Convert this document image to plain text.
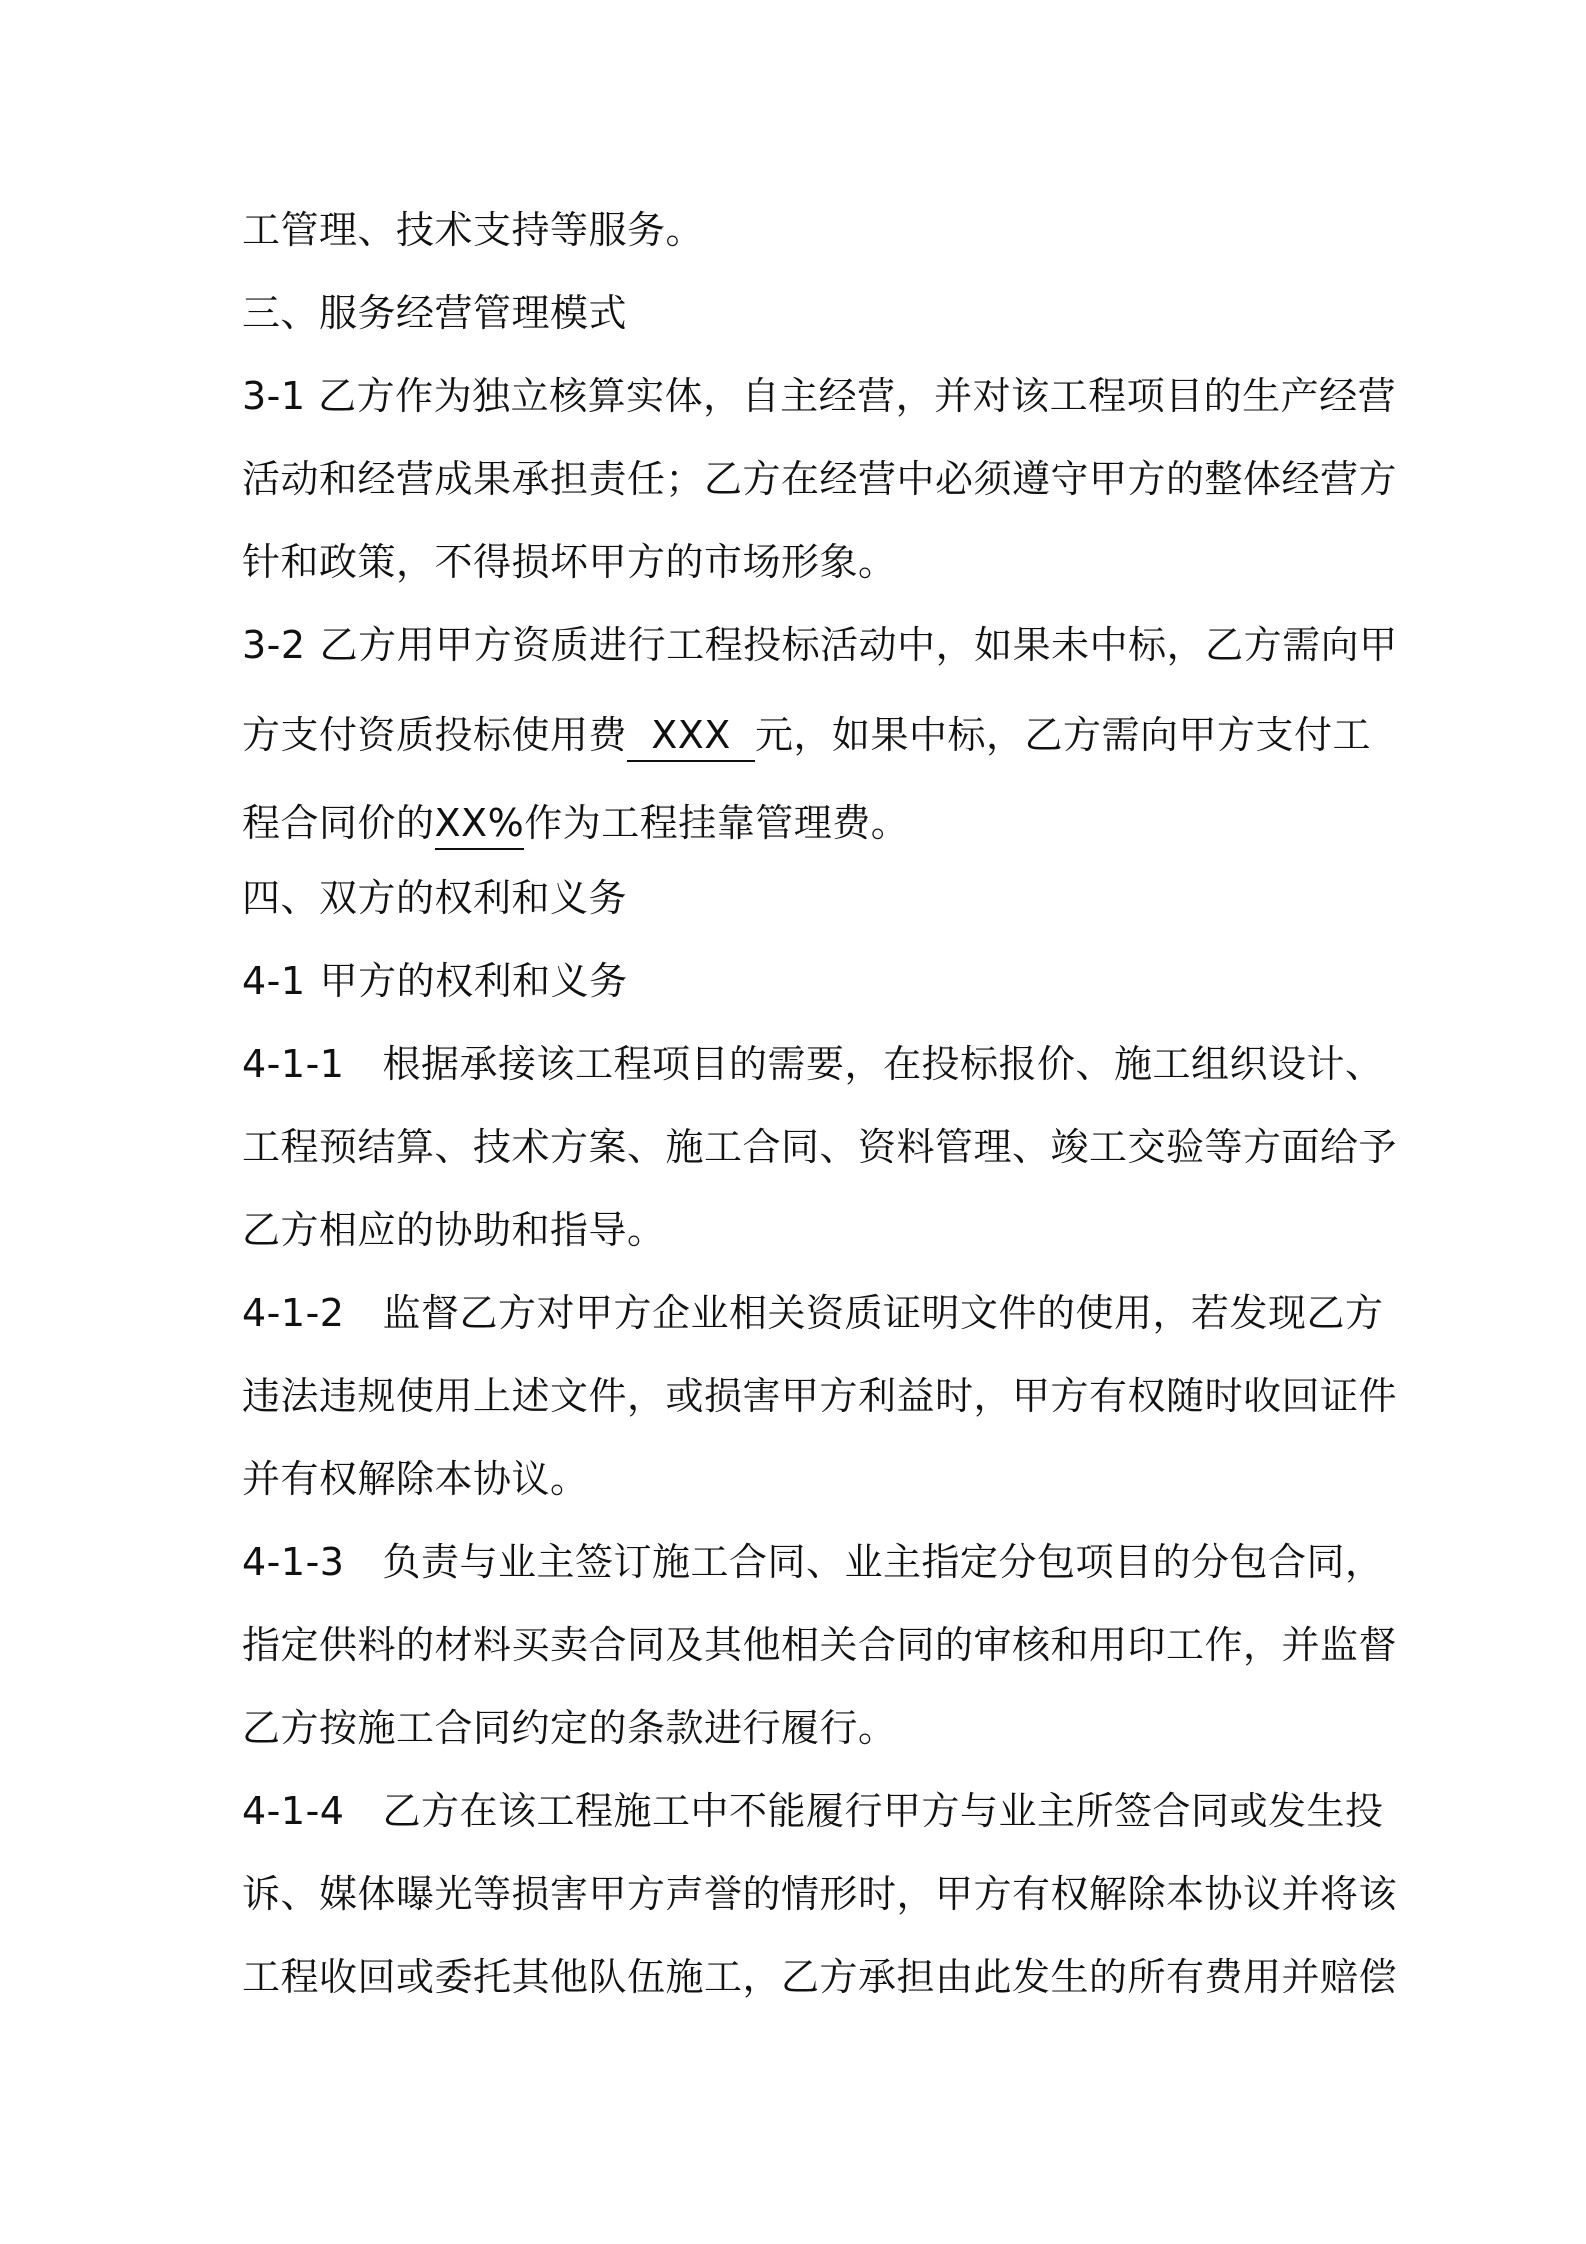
工管理、技术支持等服务。
三、服务经营管理模式
3-1 乙方作为独立核算实体，自主经营，并对该工程项目的生产经营
活动和经营成果承担责任；乙方在经营中必须遵守甲方的整体经营方
针和政策，不得损坏甲方的市场形象。
3-2 乙方用甲方资质进行工程投标活动中，如果未中标，乙方需向甲
方支付资质投标使用费 XXX 元，如果中标，乙方需向甲方支付工
程合同价的XX%作为工程挂靠管理费。
四、双方的权利和义务
4-1 甲方的权利和义务
4-1-1 根据承接该工程项目的需要，在投标报价、施工组织设计、
工程预结算、技术方案、施工合同、资料管理、竣工交验等方面给予
乙方相应的协助和指导。
4-1-2 监督乙方对甲方企业相关资质证明文件的使用，若发现乙方
违法违规使用上述文件，或损害甲方利益时，甲方有权随时收回证件
并有权解除本协议。
4-1-3 负责与业主签订施工合同、业主指定分包项目的分包合同，
指定供料的材料买卖合同及其他相关合同的审核和用印工作，并监督
乙方按施工合同约定的条款进行履行。
4-1-4 乙方在该工程施工中不能履行甲方与业主所签合同或发生投
诉、媒体曝光等损害甲方声誉的情形时，甲方有权解除本协议并将该
工程收回或委托其他队伍施工，乙方承担由此发生的所有费用并赔偿
